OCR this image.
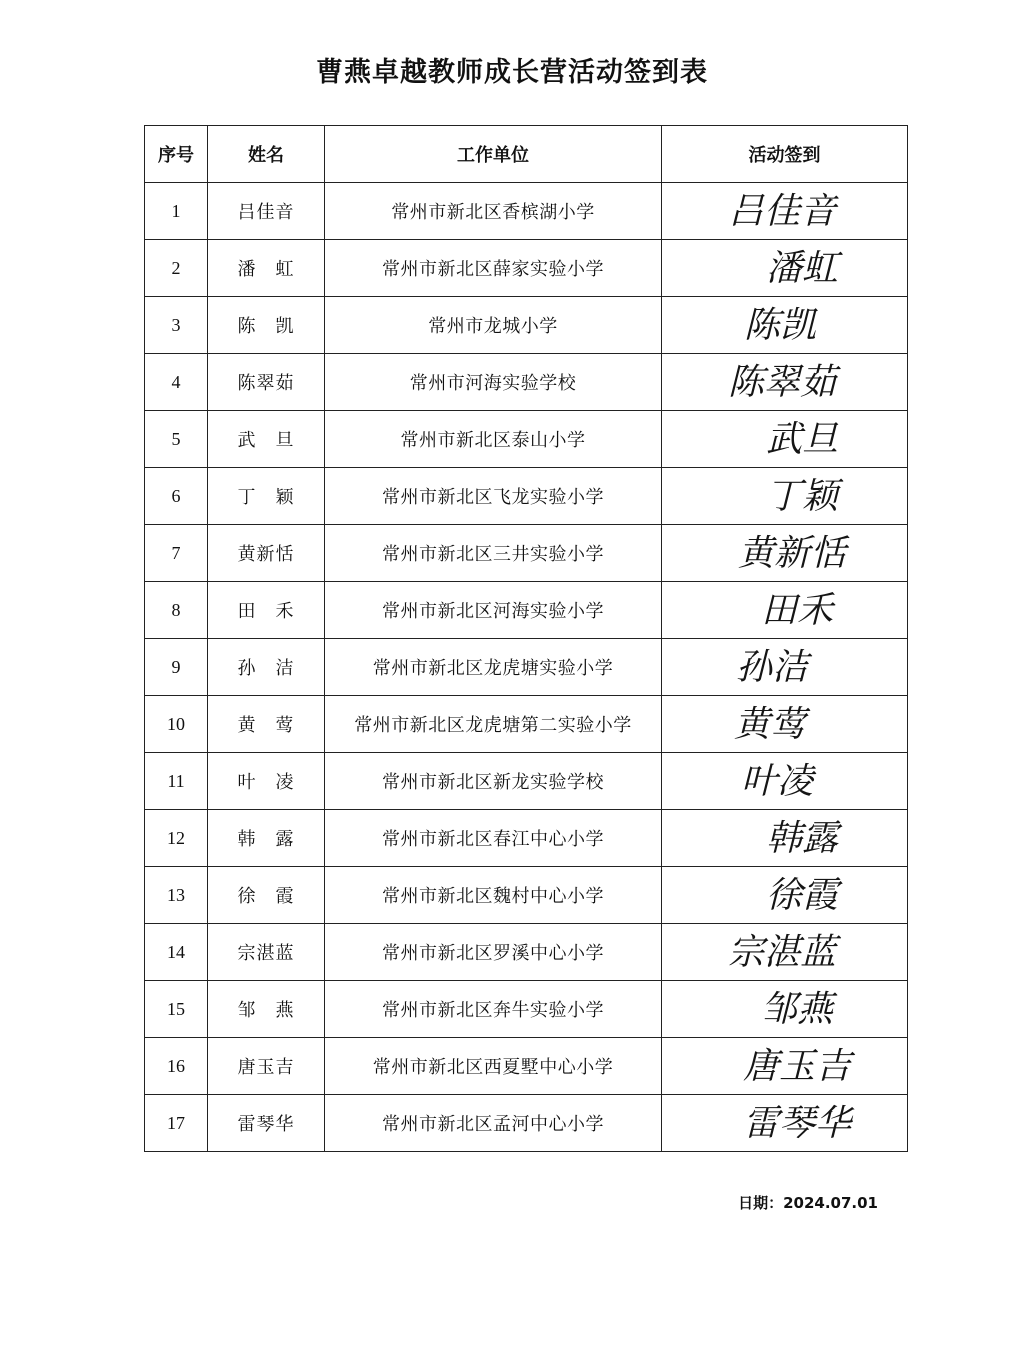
曹燕卓越教师成长营活动签到表
序号	姓名	工作单位	活动签到
1	吕佳音	常州市新北区香槟湖小学	吕佳音

2	潘　虹	常州市新北区薛家实验小学	潘虹

3	陈　凯	常州市龙城小学	陈凯

4	陈翠茹	常州市河海实验学校	陈翠茹

5	武　旦	常州市新北区泰山小学	武旦

6	丁　颖	常州市新北区飞龙实验小学	丁颖

7	黄新恬	常州市新北区三井实验小学	黄新恬

8	田　禾	常州市新北区河海实验小学	田禾

9	孙　洁	常州市新北区龙虎塘实验小学	孙洁

10	黄　莺	常州市新北区龙虎塘第二实验小学	黄莺

11	叶　凌	常州市新北区新龙实验学校	叶凌

12	韩　露	常州市新北区春江中心小学	韩露

13	徐　霞	常州市新北区魏村中心小学	徐霞

14	宗湛蓝	常州市新北区罗溪中心小学	宗湛蓝

15	邹　燕	常州市新北区奔牛实验小学	邹燕

16	唐玉吉	常州市新北区西夏墅中心小学	唐玉吉

17	雷琴华	常州市新北区孟河中心小学	雷琴华
日期：2024.07.01
